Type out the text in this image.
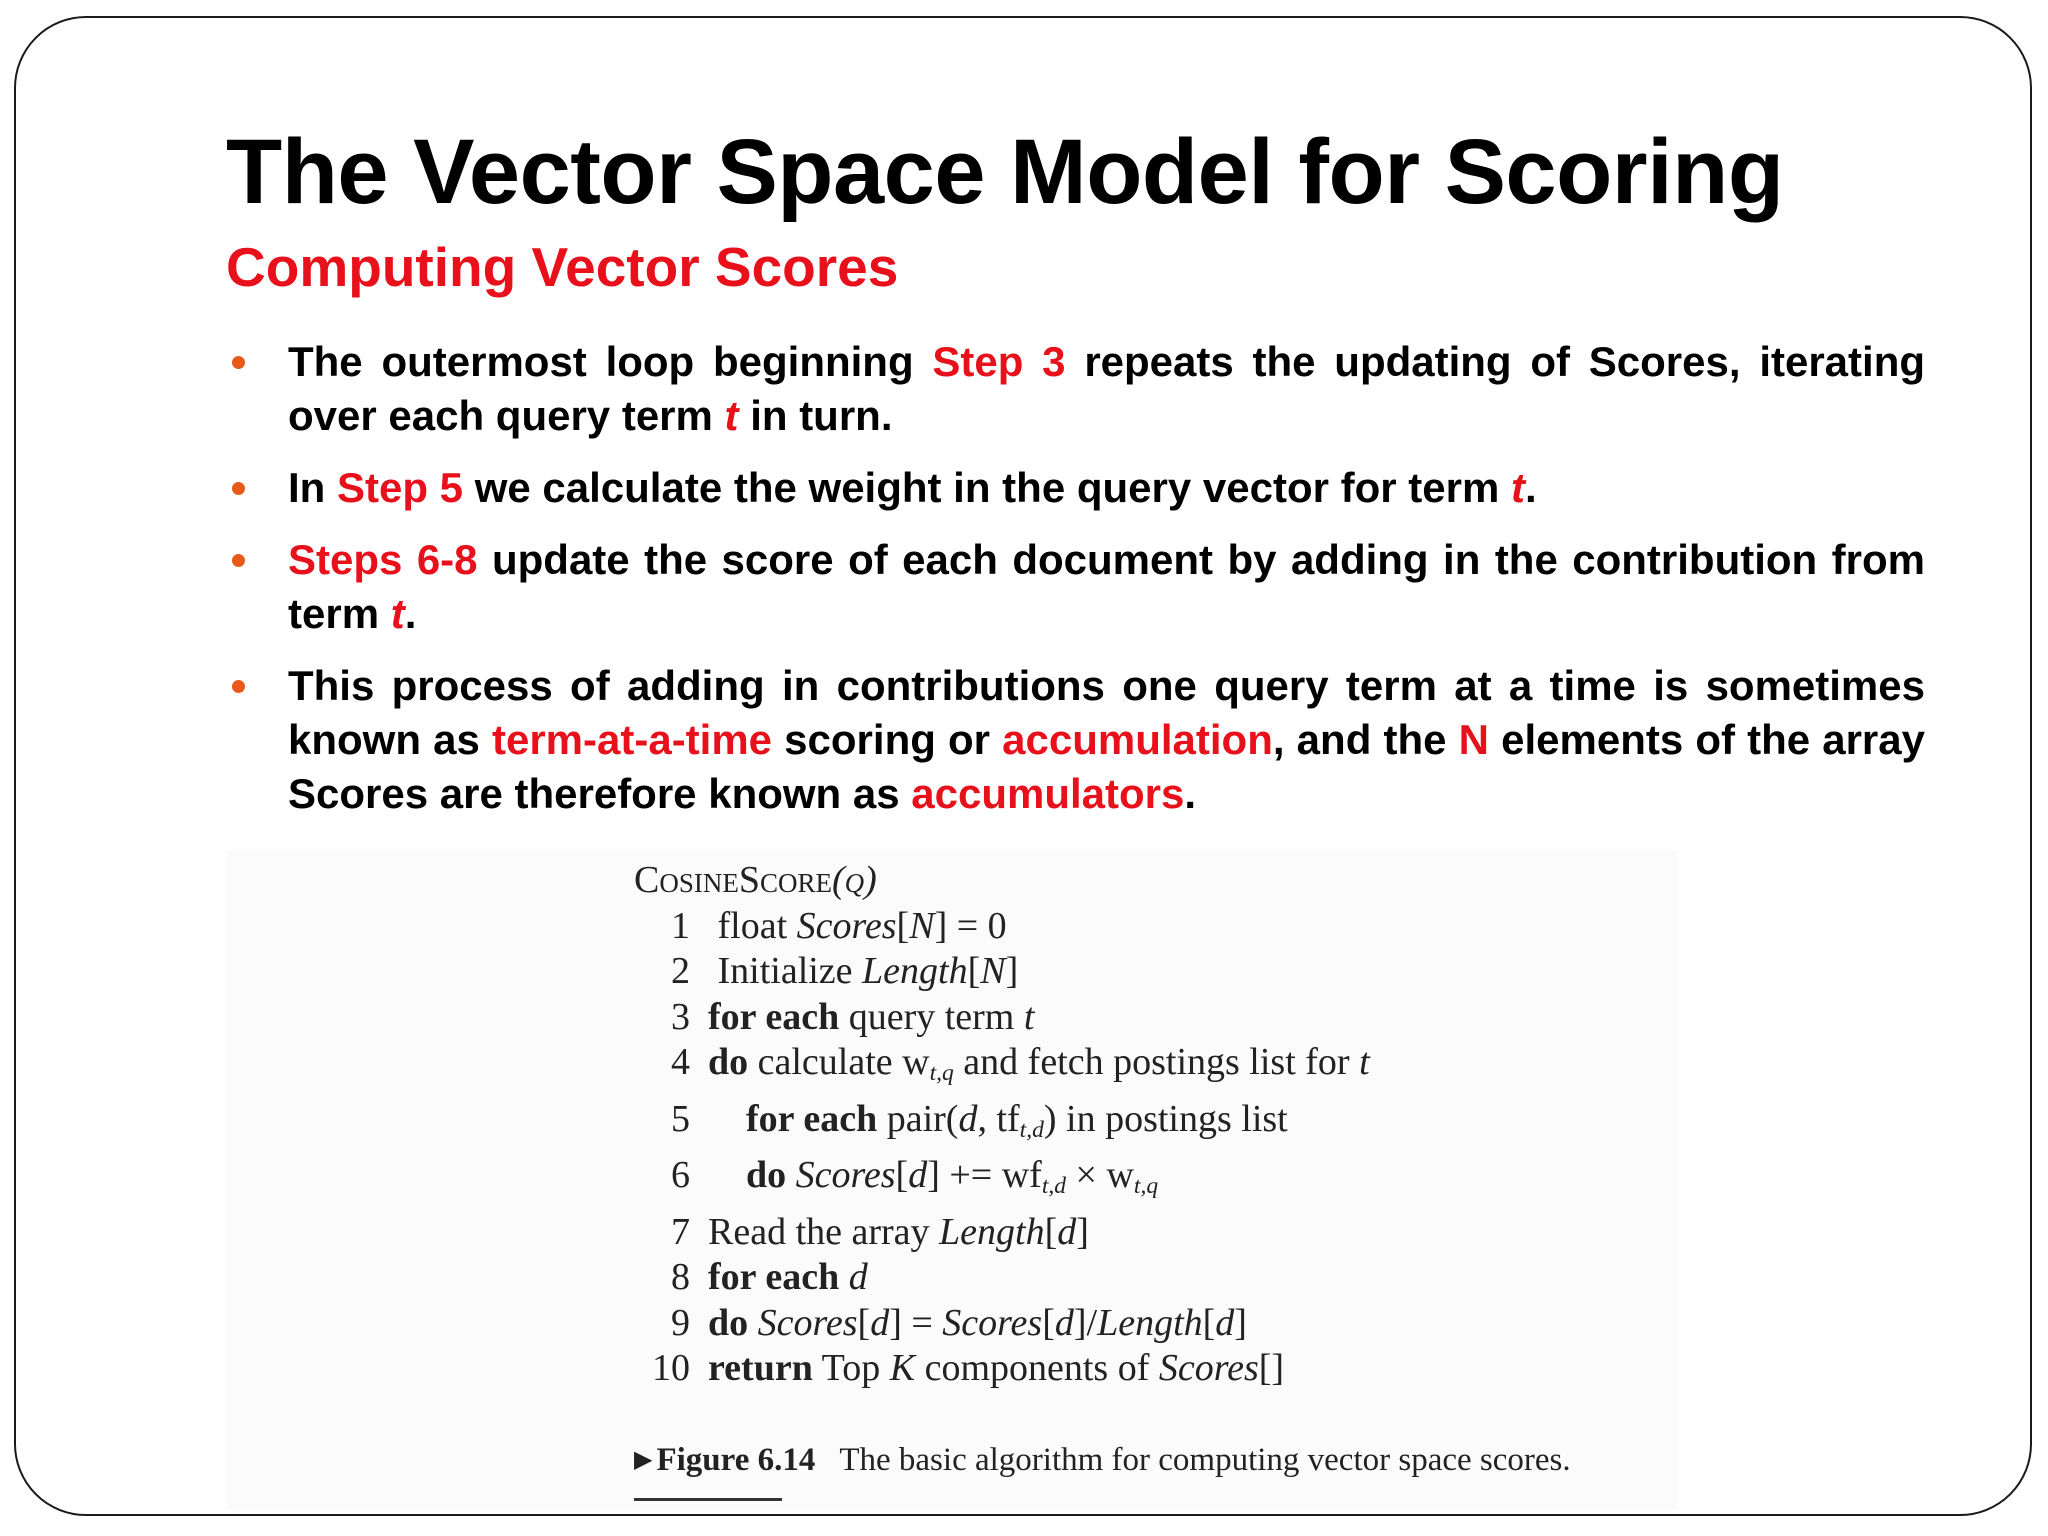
The Vector Space Model for Scoring
Computing Vector Scores
The outermost loop beginning Step 3 repeats the updating of Scores, iterating over each query term t in turn.
In Step 5 we calculate the weight in the query vector for term t.
Steps 6-8 update the score of each document by adding in the contribution from term t.
This process of adding in contributions one query term at a time is sometimes known as term-at-a-time scoring or accumulation, and the N elements of the array Scores are therefore known as accumulators.
CosineScore(q)
1 float Scores[N] = 0
2 Initialize Length[N]
3 for each query term t
4 do calculate $w_{t,q}$ and fetch postings list for t
5	for each pair(d, $tf_{t,d}$) in postings list
6	do Scores[d] += $wf_{t,d} \times w_{t,q}$
7 Read the array Length[d]
8 for each d
9 do Scores[d] = Scores[d]/Length[d]
10 return Top K components of Scores[]
▶ Figure 6.14 The basic algorithm for computing vector space scores.
